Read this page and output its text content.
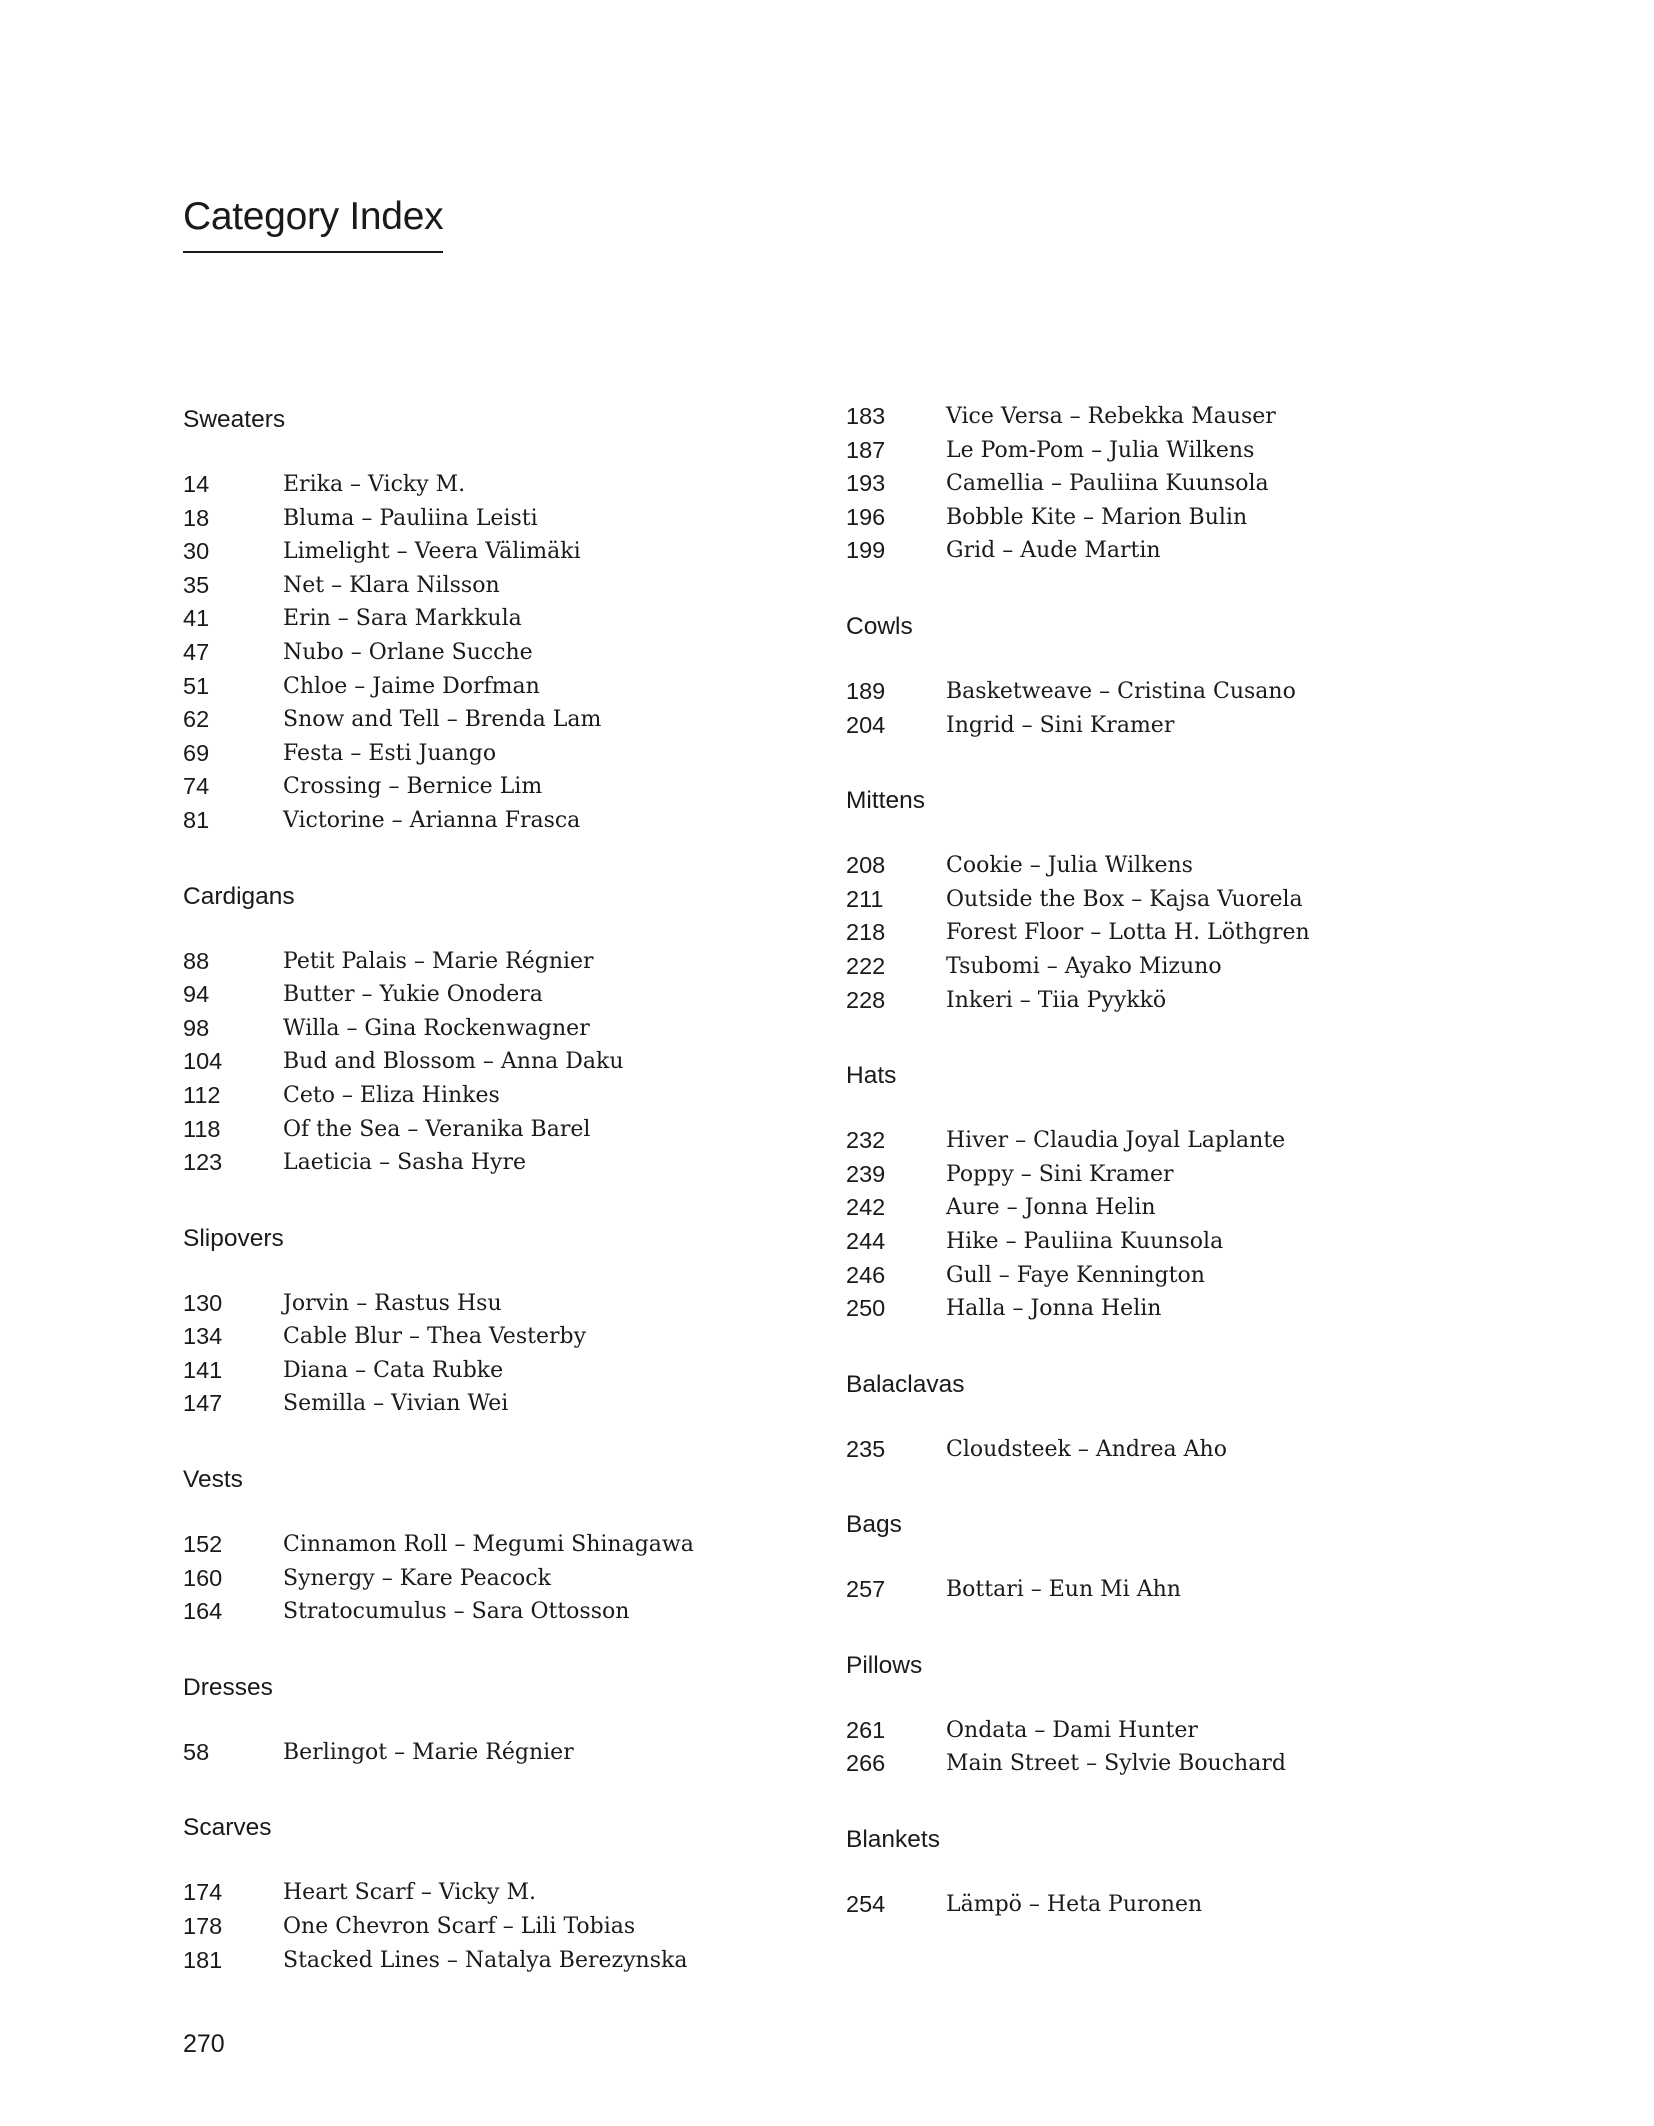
Category Index
Sweaters
14	Erika – Vicky M.
18	Bluma – Pauliina Leisti
30	Limelight – Veera Välimäki
35	Net – Klara Nilsson
41	Erin – Sara Markkula
47	Nubo – Orlane Sucche
51	Chloe – Jaime Dorfman
62	Snow and Tell – Brenda Lam
69	Festa – Esti Juango
74	Crossing – Bernice Lim
81	Victorine – Arianna Frasca
Cardigans
88	Petit Palais – Marie Régnier
94	Butter – Yukie Onodera
98	Willa – Gina Rockenwagner
104	Bud and Blossom – Anna Daku
112	Ceto – Eliza Hinkes
118	Of the Sea – Veranika Barel
123	Laeticia – Sasha Hyre
Slipovers
130	Jorvin – Rastus Hsu
134	Cable Blur – Thea Vesterby
141	Diana – Cata Rubke
147	Semilla – Vivian Wei
Vests
152	Cinnamon Roll – Megumi Shinagawa
160	Synergy – Kare Peacock
164	Stratocumulus – Sara Ottosson
Dresses
58	Berlingot – Marie Régnier
Scarves
174	Heart Scarf – Vicky M.
178	One Chevron Scarf – Lili Tobias
181	Stacked Lines – Natalya Berezynska
183	Vice Versa – Rebekka Mauser
187	Le Pom-Pom – Julia Wilkens
193	Camellia – Pauliina Kuunsola
196	Bobble Kite – Marion Bulin
199	Grid – Aude Martin
Cowls
189	Basketweave – Cristina Cusano
204	Ingrid – Sini Kramer
Mittens
208	Cookie – Julia Wilkens
211	Outside the Box – Kajsa Vuorela
218	Forest Floor – Lotta H. Löthgren
222	Tsubomi – Ayako Mizuno
228	Inkeri – Tiia Pyykkö
Hats
232	Hiver – Claudia Joyal Laplante
239	Poppy – Sini Kramer
242	Aure – Jonna Helin
244	Hike – Pauliina Kuunsola
246	Gull – Faye Kennington
250	Halla – Jonna Helin
Balaclavas
235	Cloudsteek – Andrea Aho
Bags
257	Bottari – Eun Mi Ahn
Pillows
261	Ondata – Dami Hunter
266	Main Street – Sylvie Bouchard
Blankets
254	Lämpö – Heta Puronen
270
